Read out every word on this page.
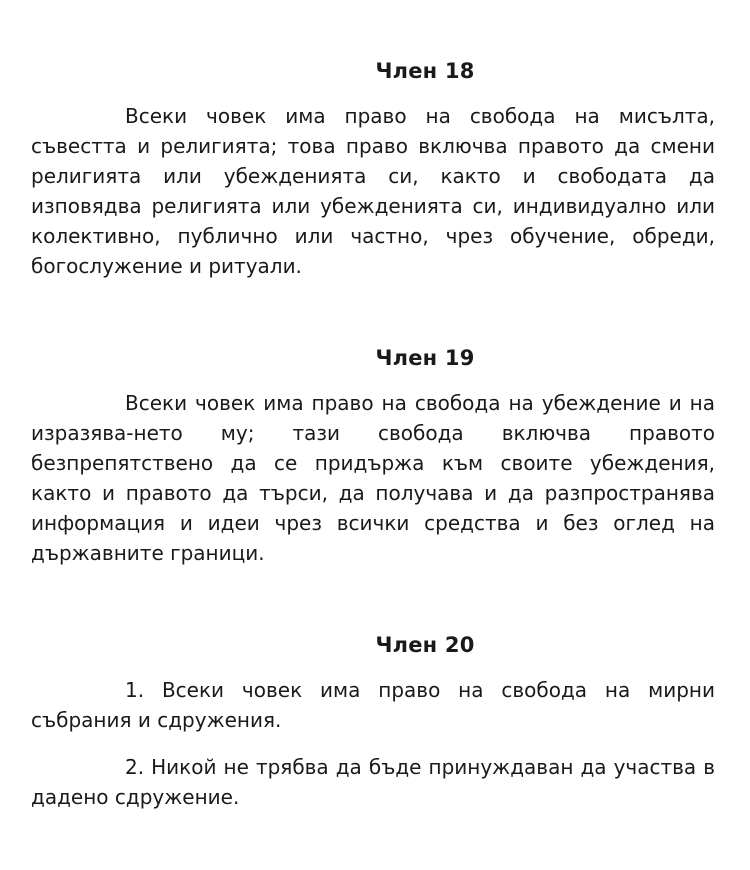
Член 18

Всеки човек има право на свобода на мисълта, съвестта и религията; това право включва правото да смени религията или убежденията си, както и свободата да изповядва религията или убежденията си, индивидуално или колективно, публично или частно, чрез обучение, обреди, богослужение и ритуали.

Член 19

Всеки човек има право на свобода на убеждение и на изразява-нето му; тази свобода включва правото безпрепятствено да се придържа към своите убеждения, както и правото да търси, да получава и да разпространява информация и идеи чрез всички средства и без оглед на държавните граници.

Член 20

1. Всеки човек има право на свобода на мирни събрания и сдружения.

2. Никой не трябва да бъде принуждаван да участва в дадено сдружение.
